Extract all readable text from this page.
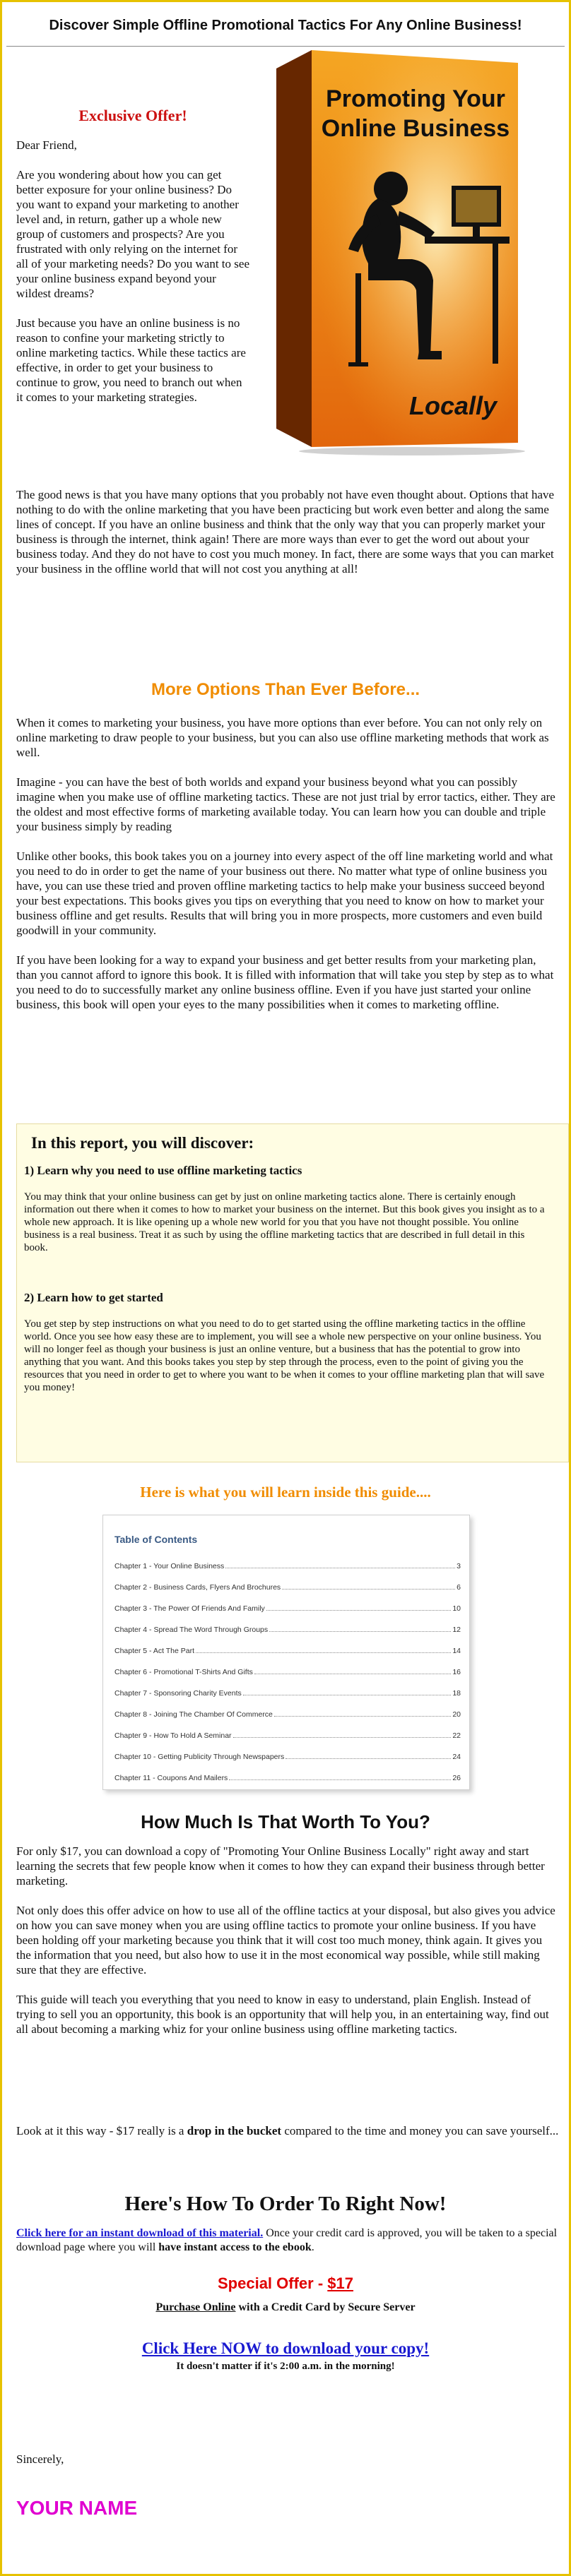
Discover Simple Offline Promotional Tactics For Any Online Business!
Exclusive Offer!

Dear Friend,

Are you wondering about how you can get better exposure for your online business? Do you want to expand your marketing to another level and, in return, gather up a whole new group of customers and prospects? Are you frustrated with only relying on the internet for all of your marketing needs? Do you want to see your online business expand beyond your wildest dreams?

Just because you have an online business is no reason to confine your marketing strictly to online marketing tactics. While these tactics are effective, in order to get your business to continue to grow, you need to branch out when it comes to your marketing strategies.

Promoting Your
Online Business
Locally

The good news is that you have many options that you probably not have even thought about. Options that have nothing to do with the online marketing that you have been practicing but work even better and along the same lines of concept. If you have an online business and think that the only way that you can properly market your business is through the internet, think again! There are more ways than ever to get the word out about your business today. And they do not have to cost you much money. In fact, there are some ways that you can market your business in the offline world that will not cost you anything at all!

More Options Than Ever Before...

When it comes to marketing your business, you have more options than ever before. You can not only rely on online marketing to draw people to your business, but you can also use offline marketing methods that work as well.

Imagine - you can have the best of both worlds and expand your business beyond what you can possibly imagine when you make use of offline marketing tactics. These are not just trial by error tactics, either. They are the oldest and most effective forms of marketing available today. You can learn how you can double and triple your business simply by reading

Unlike other books, this book takes you on a journey into every aspect of the off line marketing world and what you need to do in order to get the name of your business out there. No matter what type of online business you have, you can use these tried and proven offline marketing tactics to help make your business succeed beyond your best expectations. This books gives you tips on everything that you need to know on how to market your business offline and get results. Results that will bring you in more prospects, more customers and even build goodwill in your community.

If you have been looking for a way to expand your business and get better results from your marketing plan, than you cannot afford to ignore this book. It is filled with information that will take you step by step as to what you need to do to successfully market any online business offline. Even if you have just started your online business, this book will open your eyes to the many possibilities when it comes to marketing offline.

In this report, you will discover:
1) Learn why you need to use offline marketing tactics

You may think that your online business can get by just on online marketing tactics alone. There is certainly enough information out there when it comes to how to market your business on the internet. But this book gives you insight as to a whole new approach. It is like opening up a whole new world for you that you have not thought possible. You online business is a real business. Treat it as such by using the offline marketing tactics that are described in full detail in this book.

2) Learn how to get started

You get step by step instructions on what you need to do to get started using the offline marketing tactics in the offline world. Once you see how easy these are to implement, you will see a whole new perspective on your online business. You will no longer feel as though your business is just an online venture, but a business that has the potential to grow into anything that you want. And this books takes you step by step through the process, even to the point of giving you the resources that you need in order to get to where you want to be when it comes to your offline marketing plan that will save you money!

Here is what you will learn inside this guide....
Table of Contents
Chapter 1 - Your Online Business	3
Chapter 2 - Business Cards, Flyers And Brochures	6
Chapter 3 - The Power Of Friends And Family	10
Chapter 4 - Spread The Word Through Groups	12
Chapter 5 - Act The Part	14
Chapter 6 - Promotional T-Shirts And Gifts	16
Chapter 7 - Sponsoring Charity Events	18
Chapter 8 - Joining The Chamber Of Commerce	20
Chapter 9 - How To Hold A Seminar	22
Chapter 10 - Getting Publicity Through Newspapers	24
Chapter 11 - Coupons And Mailers	26
How Much Is That Worth To You?

For only $17, you can download a copy of "Promoting Your Online Business Locally" right away and start learning the secrets that few people know when it comes to how they can expand their business through better marketing.

Not only does this offer advice on how to use all of the offline tactics at your disposal, but also gives you advice on how you can save money when you are using offline tactics to promote your online business. If you have been holding off your marketing because you think that it will cost too much money, think again. It gives you the information that you need, but also how to use it in the most economical way possible, while still making sure that they are effective.

This guide will teach you everything that you need to know in easy to understand, plain English. Instead of trying to sell you an opportunity, this book is an opportunity that will help you, in an entertaining way, find out all about becoming a marking whiz for your online business using offline marketing tactics.

Look at it this way - $17 really is a drop in the bucket compared to the time and money you can save yourself...

Here's How To Order To Right Now!

Click here for an instant download of this material. Once your credit card is approved, you will be taken to a special download page where you will have instant access to the ebook.

Special Offer - $17
Purchase Online with a Credit Card by Secure Server
Click Here NOW to download your copy!
It doesn't matter if it's 2:00 a.m. in the morning!
Sincerely,
YOUR NAME
